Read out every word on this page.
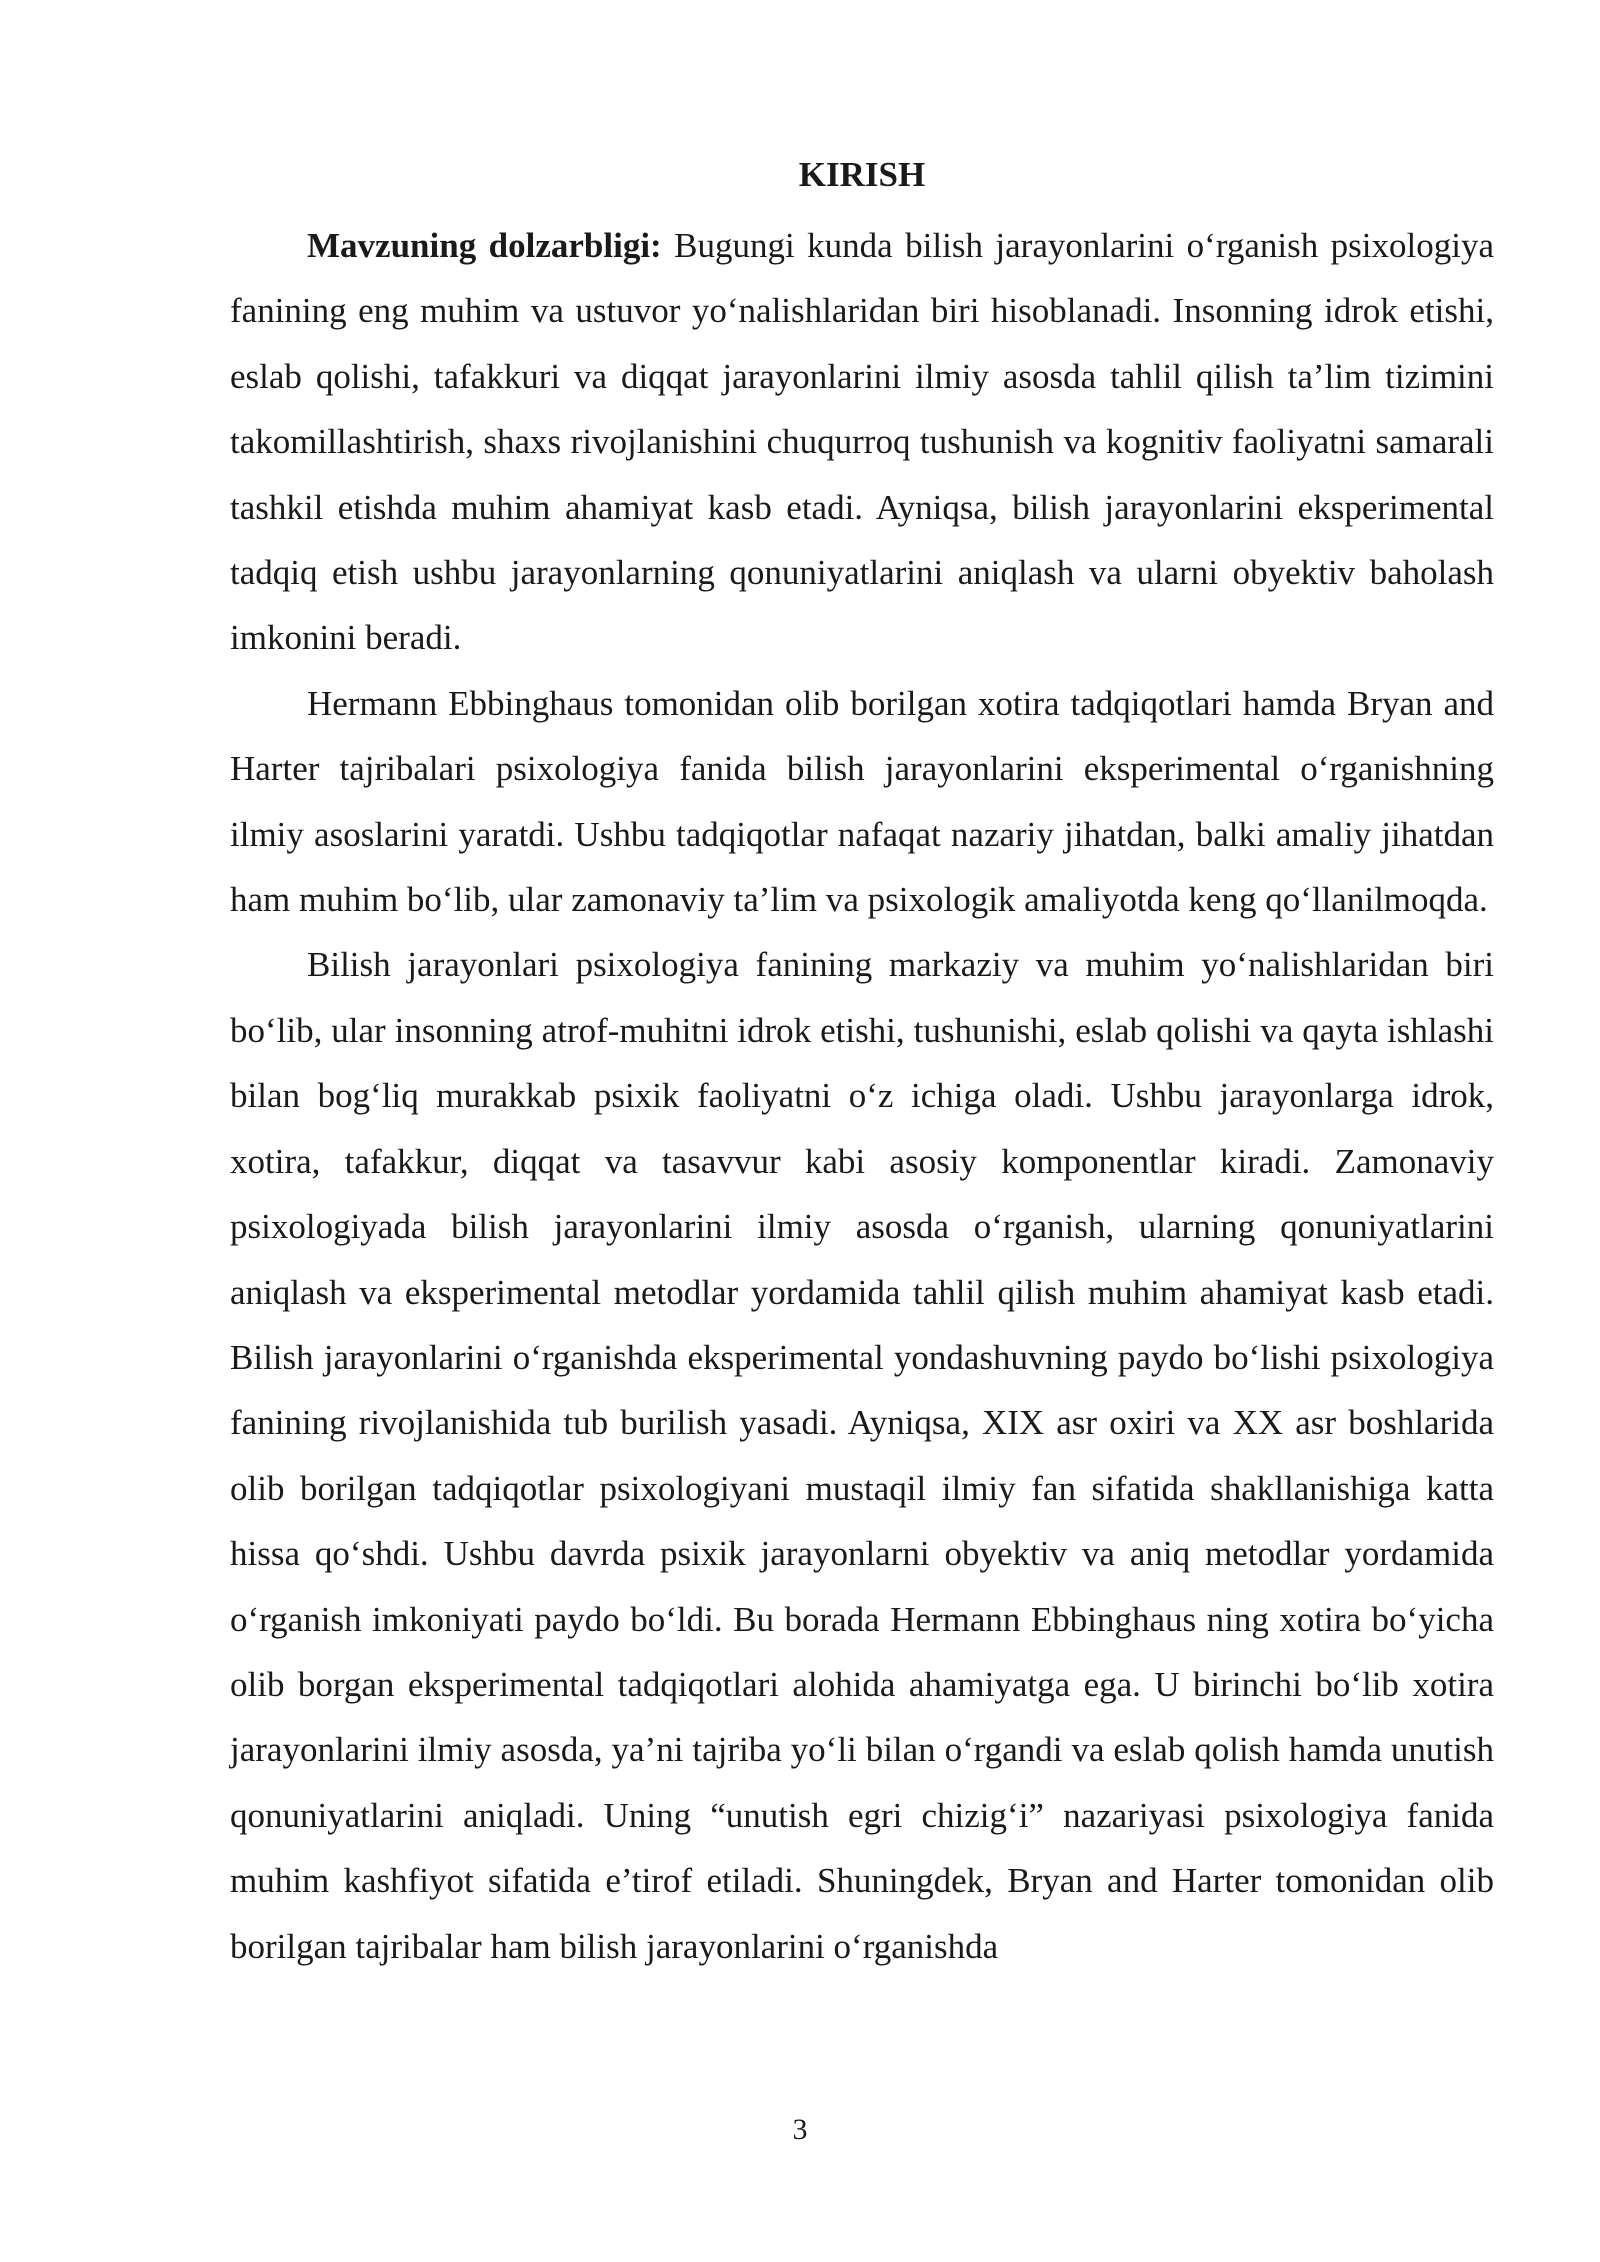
KIRISH

Mavzuning dolzarbligi: Bugungi kunda bilish jarayonlarini o‘rganish psixologiya fanining eng muhim va ustuvor yo‘nalishlaridan biri hisoblanadi. Insonning idrok etishi, eslab qolishi, tafakkuri va diqqat jarayonlarini ilmiy asosda tahlil qilish ta’lim tizimini takomillashtirish, shaxs rivojlanishini chuqurroq tushunish va kognitiv faoliyatni samarali tashkil etishda muhim ahamiyat kasb etadi. Ayniqsa, bilish jarayonlarini eksperimental tadqiq etish ushbu jarayonlarning qonuniyatlarini aniqlash va ularni obyektiv baholash imkonini beradi.

Hermann Ebbinghaus tomonidan olib borilgan xotira tadqiqotlari hamda Bryan and Harter tajribalari psixologiya fanida bilish jarayonlarini eksperimental o‘rganishning ilmiy asoslarini yaratdi. Ushbu tadqiqotlar nafaqat nazariy jihatdan, balki amaliy jihatdan ham muhim bo‘lib, ular zamonaviy ta’lim va psixologik amaliyotda keng qo‘llanilmoqda.

Bilish jarayonlari psixologiya fanining markaziy va muhim yo‘nalishlaridan biri bo‘lib, ular insonning atrof-muhitni idrok etishi, tushunishi, eslab qolishi va qayta ishlashi bilan bog‘liq murakkab psixik faoliyatni o‘z ichiga oladi. Ushbu jarayonlarga idrok, xotira, tafakkur, diqqat va tasavvur kabi asosiy komponentlar kiradi. Zamonaviy psixologiyada bilish jarayonlarini ilmiy asosda o‘rganish, ularning qonuniyatlarini aniqlash va eksperimental metodlar yordamida tahlil qilish muhim ahamiyat kasb etadi. Bilish jarayonlarini o‘rganishda eksperimental yondashuvning paydo bo‘lishi psixologiya fanining rivojlanishida tub burilish yasadi. Ayniqsa, XIX asr oxiri va XX asr boshlarida olib borilgan tadqiqotlar psixologiyani mustaqil ilmiy fan sifatida shakllanishiga katta hissa qo‘shdi. Ushbu davrda psixik jarayonlarni obyektiv va aniq metodlar yordamida o‘rganish imkoniyati paydo bo‘ldi. Bu borada Hermann Ebbinghaus ning xotira bo‘yicha olib borgan eksperimental tadqiqotlari alohida ahamiyatga ega. U birinchi bo‘lib xotira jarayonlarini ilmiy asosda, ya’ni tajriba yo‘li bilan o‘rgandi va eslab qolish hamda unutish qonuniyatlarini aniqladi. Uning “unutish egri chizig‘i” nazariyasi psixologiya fanida muhim kashfiyot sifatida e’tirof etiladi. Shuningdek, Bryan and Harter tomonidan olib borilgan tajribalar ham bilish jarayonlarini o‘rganishda

3
